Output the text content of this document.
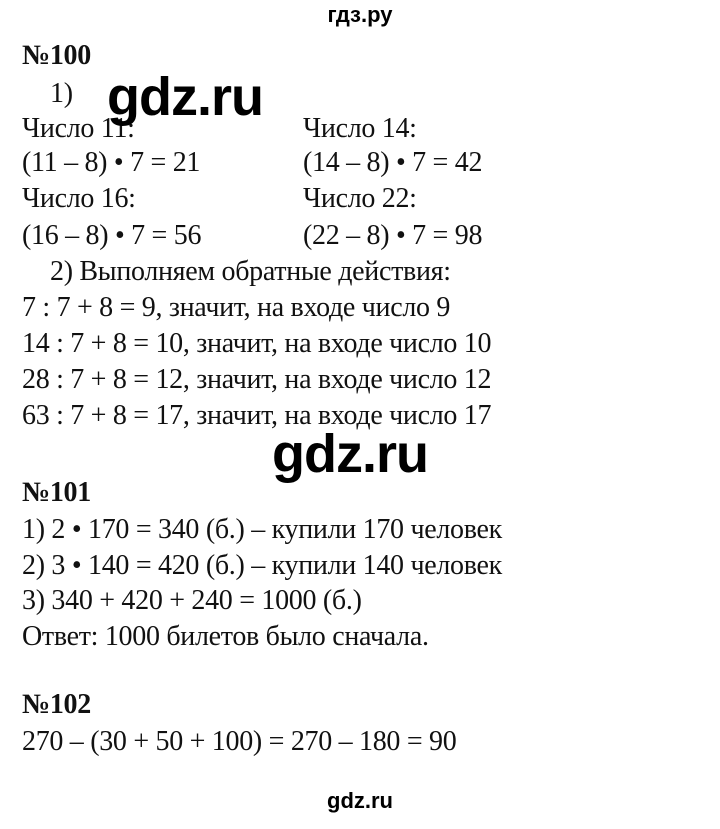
гдз.ру
№100
1)
Число 11:	Число 14:
(11 – 8) • 7 = 21	(14 – 8) • 7 = 42
Число 16:	Число 22:
(16 – 8) • 7 = 56	(22 – 8) • 7 = 98
2) Выполняем обратные действия:
7 : 7 + 8 = 9, значит, на входе число 9
14 : 7 + 8 = 10, значит, на входе число 10
28 : 7 + 8 = 12, значит, на входе число 12
63 : 7 + 8 = 17, значит, на входе число 17
№101
1) 2 • 170 = 340 (б.) – купили 170 человек
2) 3 • 140 = 420 (б.) – купили 140 человек
3) 340 + 420 + 240 = 1000 (б.)
Ответ: 1000 билетов было сначала.
№102
270 – (30 + 50 + 100) = 270 – 180 = 90
gdz.ru
gdz.ru
gdz.ru
